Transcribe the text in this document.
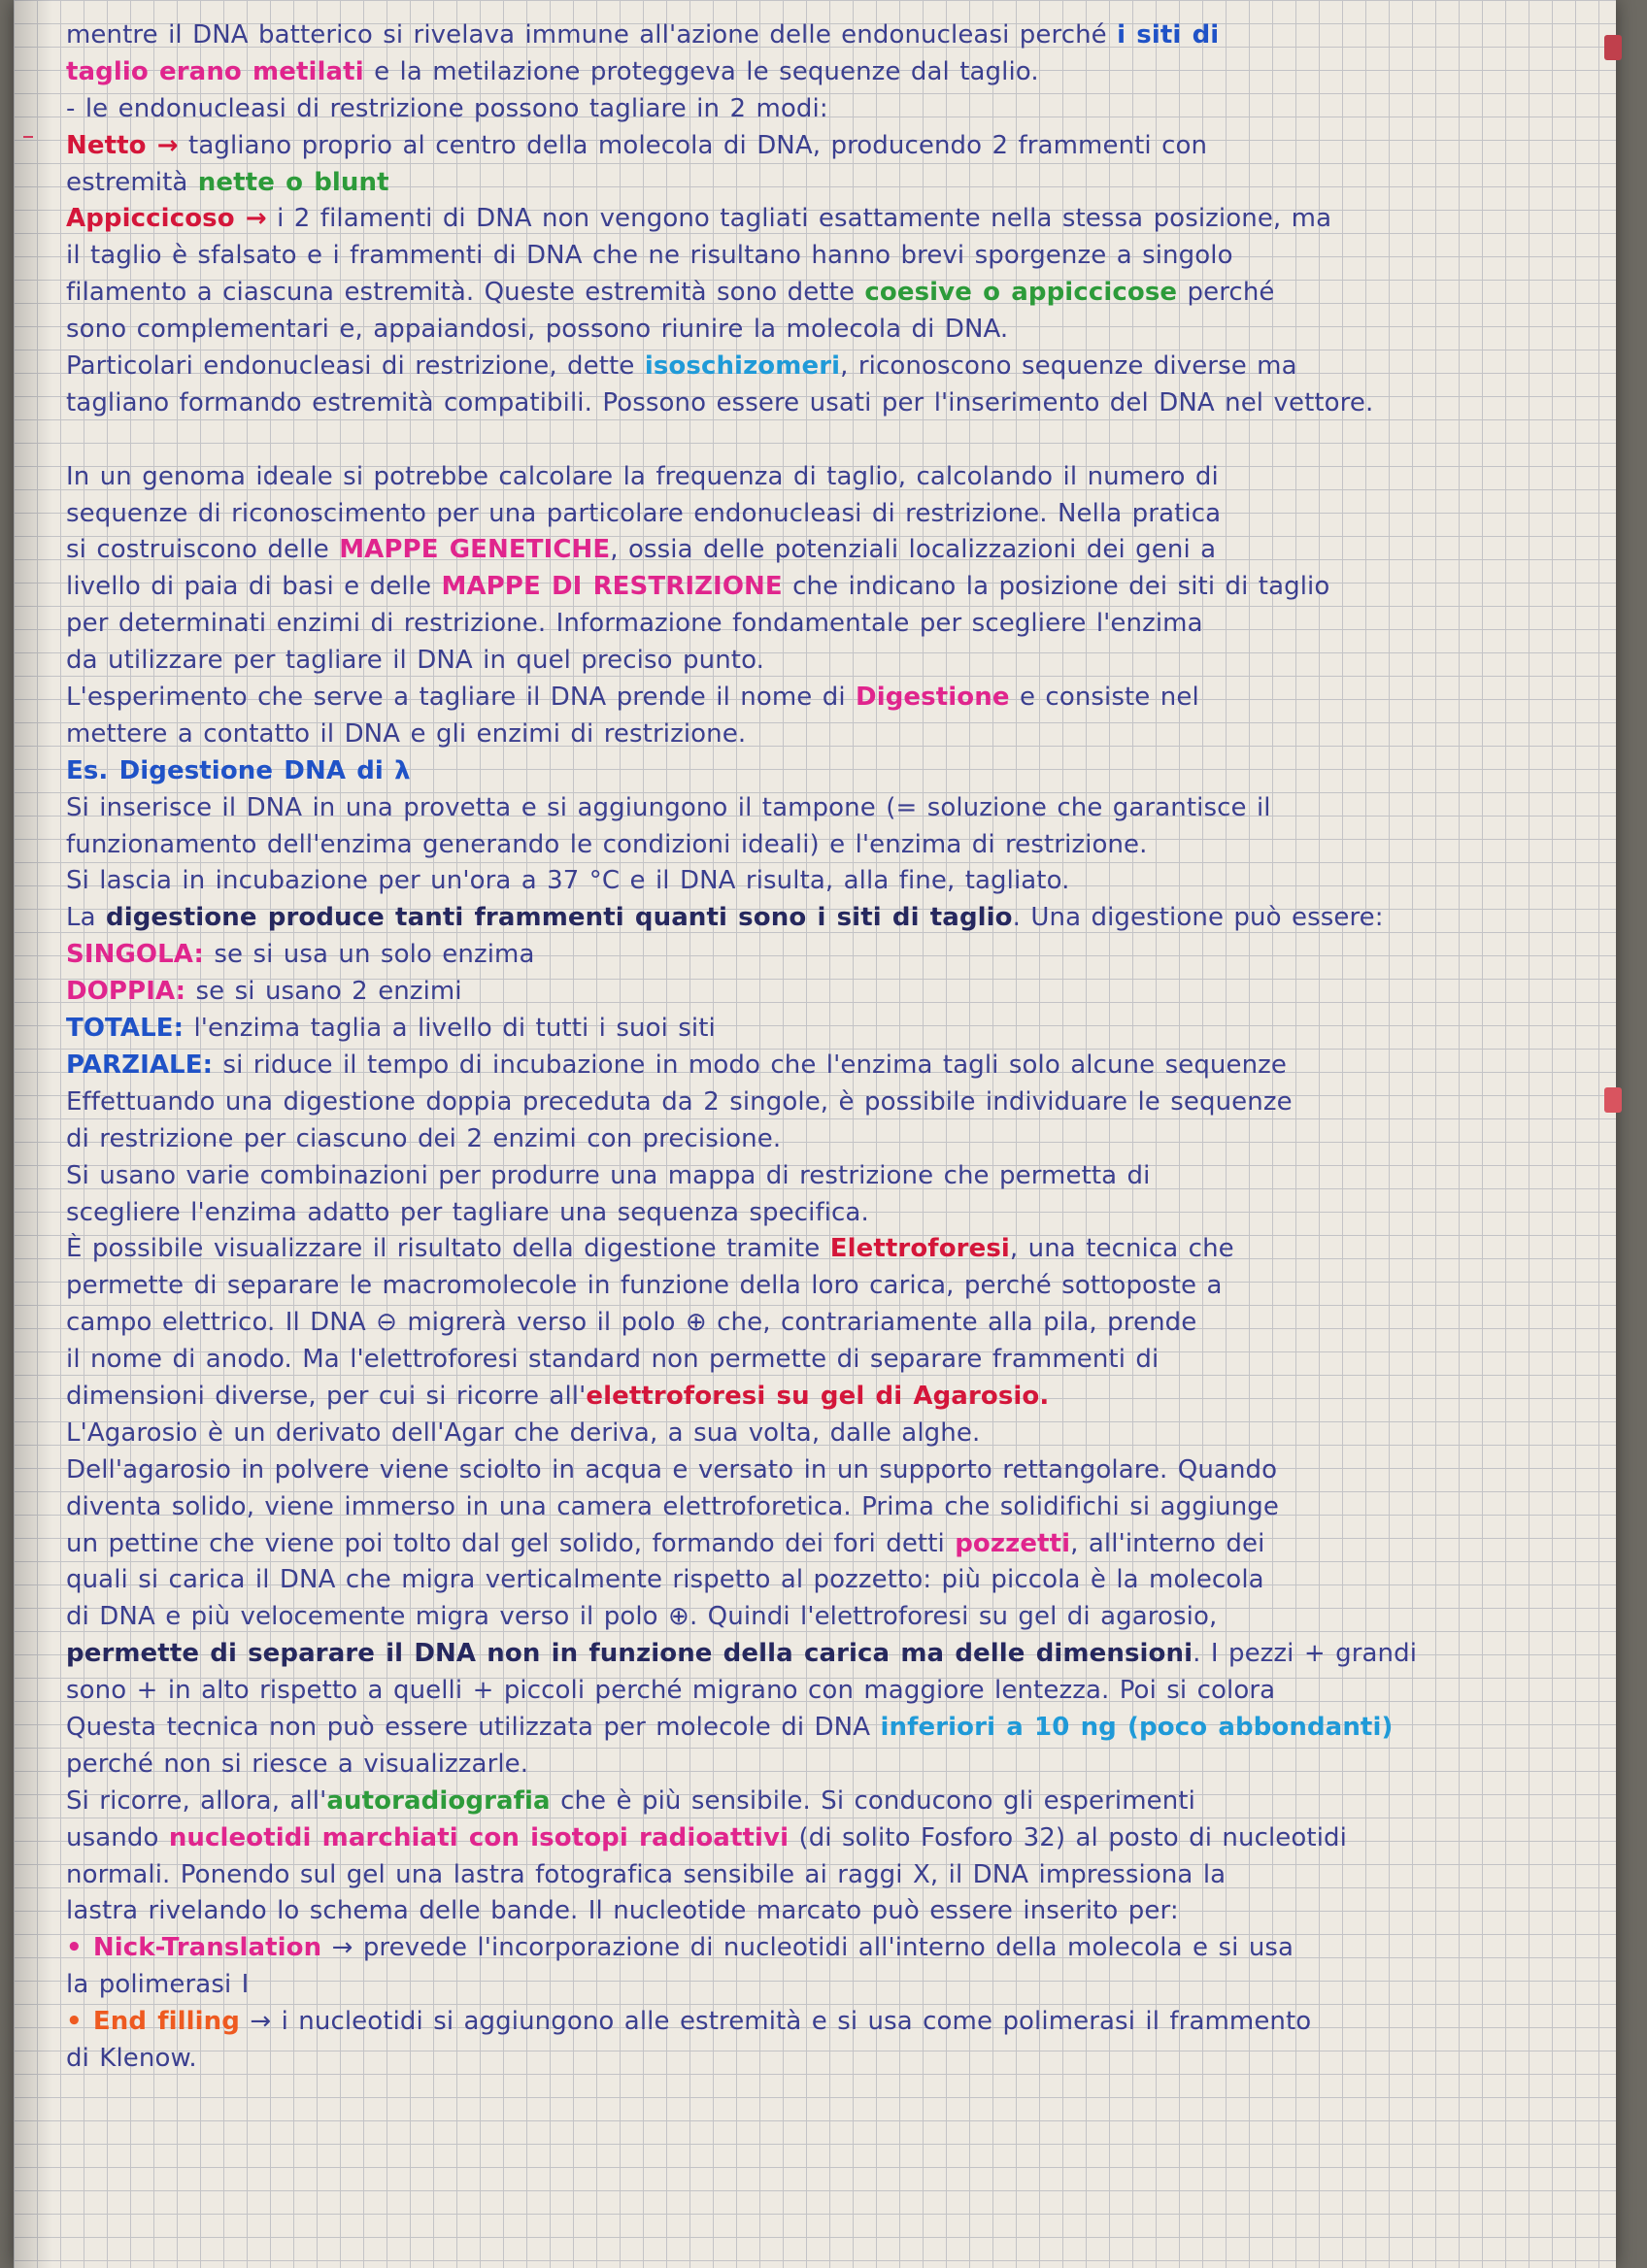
mentre il DNA batterico si rivelava immune all'azione delle endonucleasi perché i siti di
taglio erano metilati e la metilazione proteggeva le sequenze dal taglio.
- le endonucleasi di restrizione possono tagliare in 2 modi:
Netto → tagliano proprio al centro della molecola di DNA, producendo 2 frammenti con
estremità nette o blunt
Appiccicoso → i 2 filamenti di DNA non vengono tagliati esattamente nella stessa posizione, ma
il taglio è sfalsato e i frammenti di DNA che ne risultano hanno brevi sporgenze a singolo
filamento a ciascuna estremità. Queste estremità sono dette coesive o appiccicose perché
sono complementari e, appaiandosi, possono riunire la molecola di DNA.
Particolari endonucleasi di restrizione, dette isoschizomeri, riconoscono sequenze diverse ma
tagliano formando estremità compatibili. Possono essere usati per l'inserimento del DNA nel vettore.
In un genoma ideale si potrebbe calcolare la frequenza di taglio, calcolando il numero di
sequenze di riconoscimento per una particolare endonucleasi di restrizione. Nella pratica
si costruiscono delle MAPPE GENETICHE, ossia delle potenziali localizzazioni dei geni a
livello di paia di basi e delle MAPPE DI RESTRIZIONE che indicano la posizione dei siti di taglio
per determinati enzimi di restrizione. Informazione fondamentale per scegliere l'enzima
da utilizzare per tagliare il DNA in quel preciso punto.
L'esperimento che serve a tagliare il DNA prende il nome di Digestione e consiste nel
mettere a contatto il DNA e gli enzimi di restrizione.
Es. Digestione DNA di λ
Si inserisce il DNA in una provetta e si aggiungono il tampone (= soluzione che garantisce il
funzionamento dell'enzima generando le condizioni ideali) e l'enzima di restrizione.
Si lascia in incubazione per un'ora a 37 °C e il DNA risulta, alla fine, tagliato.
La digestione produce tanti frammenti quanti sono i siti di taglio. Una digestione può essere:
SINGOLA: se si usa un solo enzima
DOPPIA: se si usano 2 enzimi
TOTALE: l'enzima taglia a livello di tutti i suoi siti
PARZIALE: si riduce il tempo di incubazione in modo che l'enzima tagli solo alcune sequenze
Effettuando una digestione doppia preceduta da 2 singole, è possibile individuare le sequenze
di restrizione per ciascuno dei 2 enzimi con precisione.
Si usano varie combinazioni per produrre una mappa di restrizione che permetta di
scegliere l'enzima adatto per tagliare una sequenza specifica.
È possibile visualizzare il risultato della digestione tramite Elettroforesi, una tecnica che
permette di separare le macromolecole in funzione della loro carica, perché sottoposte a
campo elettrico. Il DNA ⊖ migrerà verso il polo ⊕ che, contrariamente alla pila, prende
il nome di anodo. Ma l'elettroforesi standard non permette di separare frammenti di
dimensioni diverse, per cui si ricorre all'elettroforesi su gel di Agarosio.
L'Agarosio è un derivato dell'Agar che deriva, a sua volta, dalle alghe.
Dell'agarosio in polvere viene sciolto in acqua e versato in un supporto rettangolare. Quando
diventa solido, viene immerso in una camera elettroforetica. Prima che solidifichi si aggiunge
un pettine che viene poi tolto dal gel solido, formando dei fori detti pozzetti, all'interno dei
quali si carica il DNA che migra verticalmente rispetto al pozzetto: più piccola è la molecola
di DNA e più velocemente migra verso il polo ⊕. Quindi l'elettroforesi su gel di agarosio,
permette di separare il DNA non in funzione della carica ma delle dimensioni. I pezzi + grandi
sono + in alto rispetto a quelli + piccoli perché migrano con maggiore lentezza. Poi si colora
Questa tecnica non può essere utilizzata per molecole di DNA inferiori a 10 ng (poco abbondanti)
perché non si riesce a visualizzarle.
Si ricorre, allora, all'autoradiografia che è più sensibile. Si conducono gli esperimenti
usando nucleotidi marchiati con isotopi radioattivi (di solito Fosforo 32) al posto di nucleotidi
normali. Ponendo sul gel una lastra fotografica sensibile ai raggi X, il DNA impressiona la
lastra rivelando lo schema delle bande. Il nucleotide marcato può essere inserito per:
• Nick-Translation → prevede l'incorporazione di nucleotidi all'interno della molecola e si usa
la polimerasi I
• End filling → i nucleotidi si aggiungono alle estremità e si usa come polimerasi il frammento
di Klenow.
